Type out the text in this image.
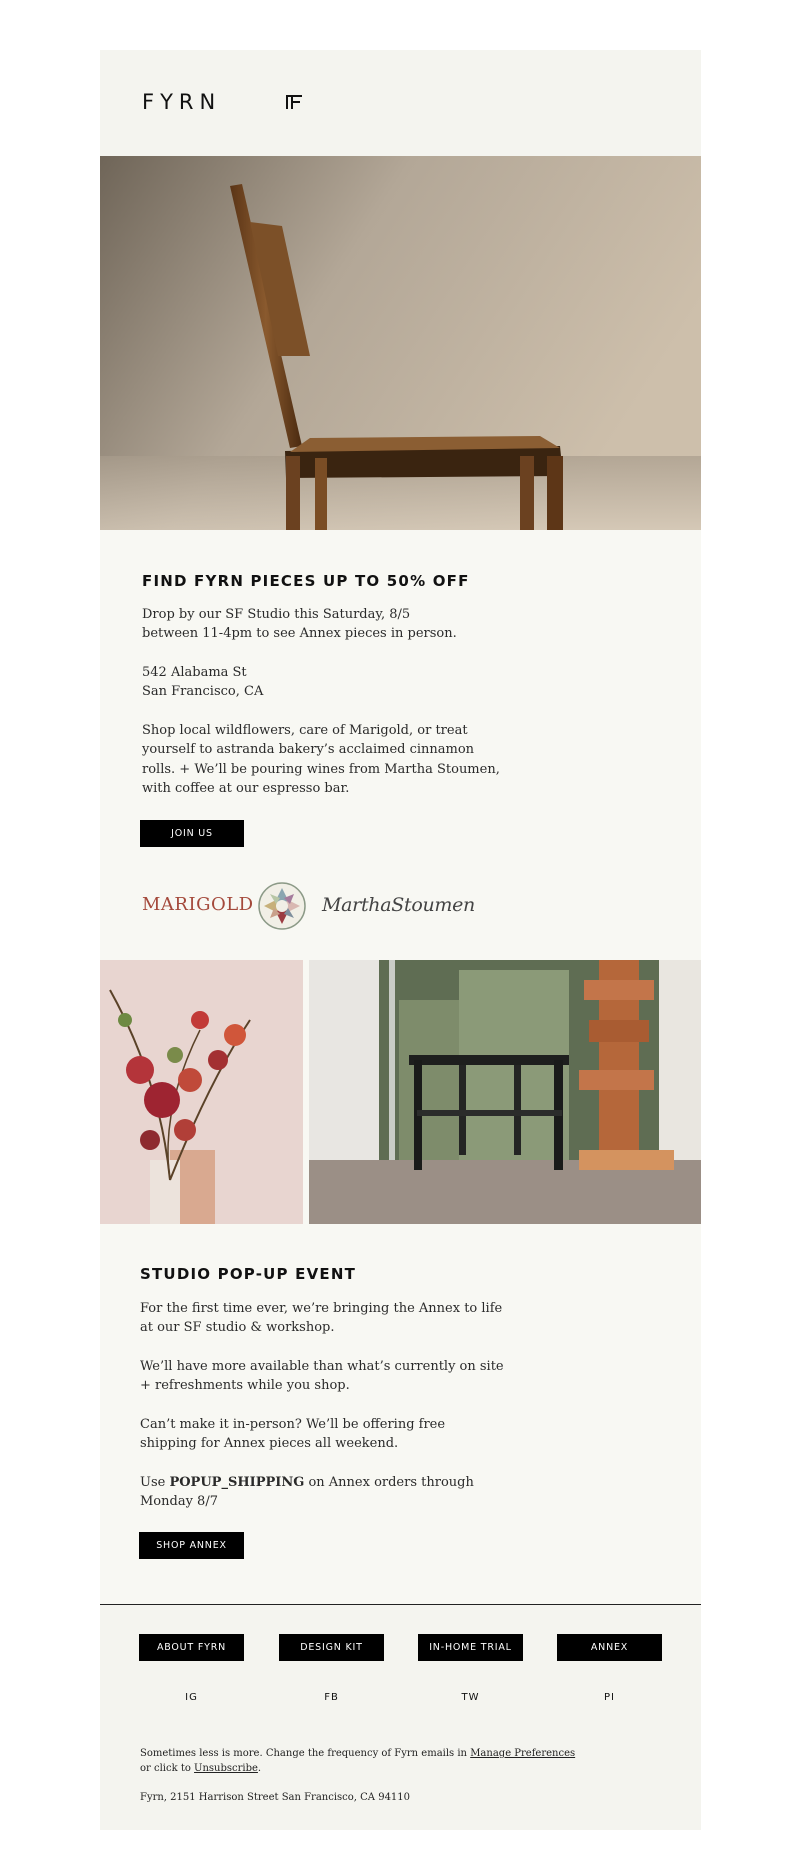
FYRN
FIND FYRN PIECES UP TO 50% OFF

Drop by our SF Studio this Saturday, 8/5

between 11-4pm to see Annex pieces in person.

542 Alabama St

San Francisco, CA

Shop local wildflowers, care of Marigold, or treat

yourself to astranda bakery’s acclaimed cinnamon

rolls. + We’ll be pouring wines from Martha Stoumen,

with coffee at our espresso bar.

JOIN US
MARIGOLD	MarthaStoumen
STUDIO POP-UP EVENT

For the first time ever, we’re bringing the Annex to life

at our SF studio & workshop.

We’ll have more available than what’s currently on site

+ refreshments while you shop.

Can’t make it in-person? We’ll be offering free

shipping for Annex pieces all weekend.

Use POPUP_SHIPPING on Annex orders through

Monday 8/7

SHOP ANNEX
ABOUT FYRN	DESIGN KIT	IN-HOME TRIAL	ANNEX
IG	FB	TW	PI

Sometimes less is more. Change the frequency of Fyrn emails in Manage Preferences
or click to Unsubscribe.

Fyrn, 2151 Harrison Street San Francisco, CA 94110
